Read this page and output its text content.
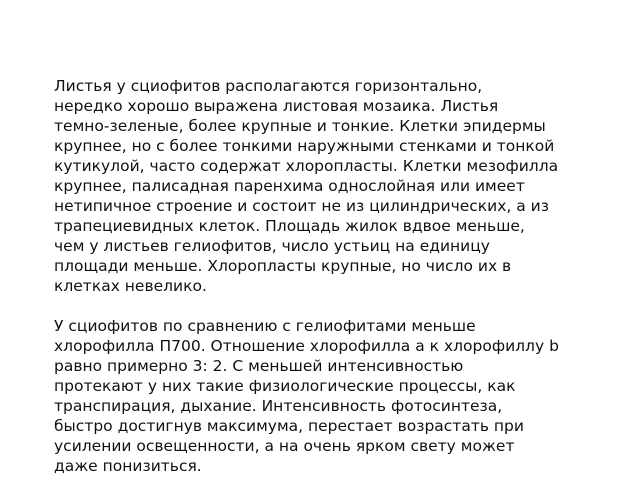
Листья у сциофитов располагаются горизонтально,
нередко хорошо выражена листовая мозаика. Листья
темно-зеленые, более крупные и тонкие. Клетки эпидермы
крупнее, но с более тонкими наружными стенками и тонкой
кутикулой, часто содержат хлоропласты. Клетки мезофилла
крупнее, палисадная паренхима однослойная или имеет
нетипичное строение и состоит не из цилиндрических, а из
трапециевидных клеток. Площадь жилок вдвое меньше,
чем у листьев гелиофитов, число устьиц на единицу
площади меньше. Хлоропласты крупные, но число их в
клетках невелико.

У сциофитов по сравнению с гелиофитами меньше
хлорофилла П700. Отношение хлорофилла а к хлорофиллу b
равно примерно 3: 2. С меньшей интенсивностью
протекают у них такие физиологические процессы, как
транспирация, дыхание. Интенсивность фотосинтеза,
быстро достигнув максимума, перестает возрастать при
усилении освещенности, а на очень ярком свету может
даже понизиться.
